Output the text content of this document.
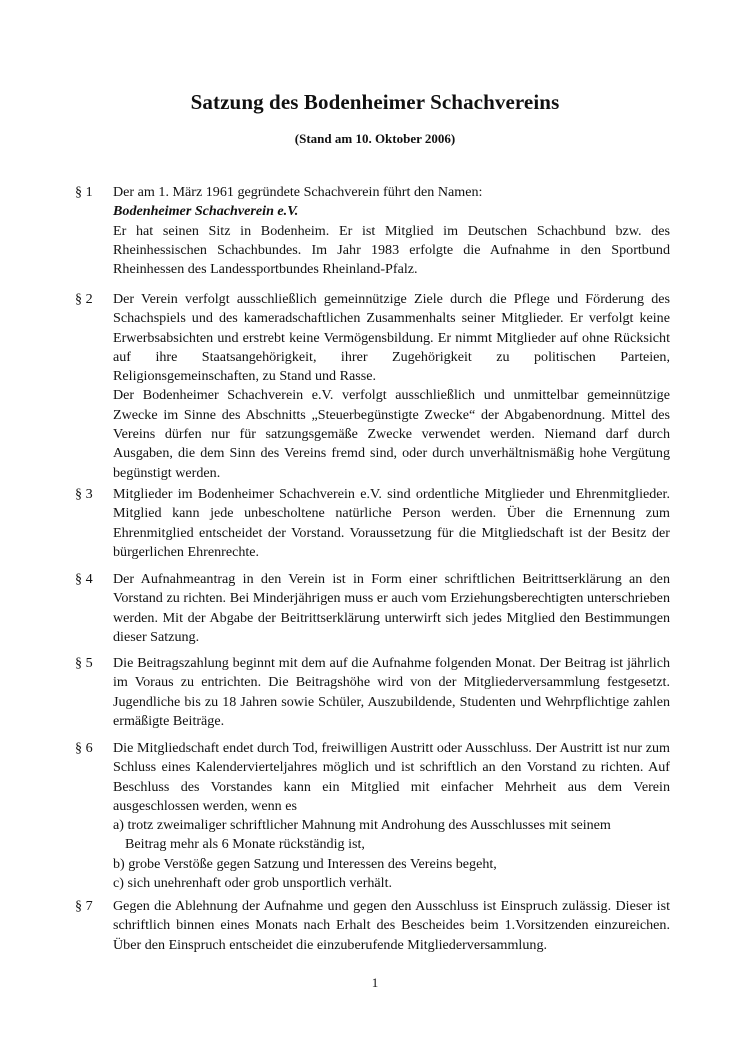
Satzung des Bodenheimer Schachvereins
(Stand am 10. Oktober 2006)
§ 1	Der am 1. März 1961 gegründete Schachverein führt den Namen:
Bodenheimer Schachverein e.V.
Er hat seinen Sitz in Bodenheim. Er ist Mitglied im Deutschen Schachbund bzw. des Rheinhessischen Schachbundes. Im Jahr 1983 erfolgte die Aufnahme in den Sportbund Rheinhessen des Landessportbundes Rheinland-Pfalz.
§ 2	Der Verein verfolgt ausschließlich gemeinnützige Ziele durch die Pflege und Förderung des Schachspiels und des kameradschaftlichen Zusammenhalts seiner Mitglieder. Er verfolgt keine Erwerbsabsichten und erstrebt keine Vermögensbildung. Er nimmt Mitglieder auf ohne Rücksicht auf ihre Staatsangehörigkeit, ihrer Zugehörigkeit zu politischen Parteien, Religionsgemeinschaften, zu Stand und Rasse.
Der Bodenheimer Schachverein e.V. verfolgt ausschließlich und unmittelbar gemeinnützige Zwecke im Sinne des Abschnitts „Steuerbegünstigte Zwecke“ der Abgabenordnung. Mittel des Vereins dürfen nur für satzungsgemäße Zwecke verwendet werden. Niemand darf durch Ausgaben, die dem Sinn des Vereins fremd sind, oder durch unverhältnismäßig hohe Vergütung begünstigt werden.
§ 3	Mitglieder im Bodenheimer Schachverein e.V. sind ordentliche Mitglieder und Ehrenmitglieder. Mitglied kann jede unbescholtene natürliche Person werden. Über die Ernennung zum Ehrenmitglied entscheidet der Vorstand. Voraussetzung für die Mitgliedschaft ist der Besitz der bürgerlichen Ehrenrechte.
§ 4	Der Aufnahmeantrag in den Verein ist in Form einer schriftlichen Beitrittserklärung an den Vorstand zu richten. Bei Minderjährigen muss er auch vom Erziehungsberechtigten unterschrieben werden. Mit der Abgabe der Beitrittserklärung unterwirft sich jedes Mitglied den Bestimmungen dieser Satzung.
§ 5	Die Beitragszahlung beginnt mit dem auf die Aufnahme folgenden Monat. Der Beitrag ist jährlich im Voraus zu entrichten. Die Beitragshöhe wird von der Mitgliederversammlung festgesetzt. Jugendliche bis zu 18 Jahren sowie Schüler, Auszubildende, Studenten und Wehrpflichtige zahlen ermäßigte Beiträge.
§ 6	Die Mitgliedschaft endet durch Tod, freiwilligen Austritt oder Ausschluss. Der Austritt ist nur zum Schluss eines Kalendervierteljahres möglich und ist schriftlich an den Vorstand zu richten. Auf Beschluss des Vorstandes kann ein Mitglied mit einfacher Mehrheit aus dem Verein ausgeschlossen werden, wenn es
a) trotz zweimaliger schriftlicher Mahnung mit Androhung des Ausschlusses mit seinem
Beitrag mehr als 6 Monate rückständig ist,
b) grobe Verstöße gegen Satzung und Interessen des Vereins begeht,
c) sich unehrenhaft oder grob unsportlich verhält.
§ 7	Gegen die Ablehnung der Aufnahme und gegen den Ausschluss ist Einspruch zulässig. Dieser ist schriftlich binnen eines Monats nach Erhalt des Bescheides beim 1.Vorsitzenden einzureichen. Über den Einspruch entscheidet die einzuberufende Mitgliederversammlung.
1
